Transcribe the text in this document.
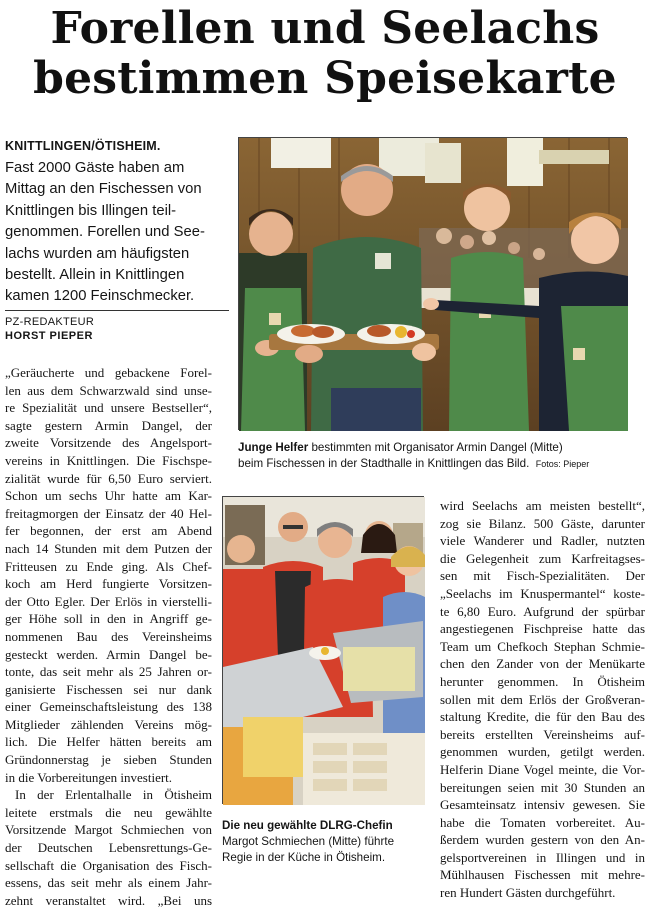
Forellen und Seelachs
bestimmen Speisekarte
KNITTLINGEN/ÖTISHEIM.
Fast 2000 Gäste haben am
Mittag an den Fischessen von
Knittlingen bis Illingen teil-
genommen. Forellen und See-
lachs wurden am häufigsten
bestellt. Allein in Knittlingen
kamen 1200 Feinschmecker.
PZ-REDAKTEUR
HORST PIEPER
Junge Helfer bestimmten mit Organisator Armin Dangel (Mitte)
beim Fischessen in der Stadthalle in Knittlingen das Bild. Fotos: Pieper
„Geräucherte und gebackene Forel-
len aus dem Schwarzwald sind unse-
re Spezialität und unsere Bestseller“,
sagte gestern Armin Dangel, der
zweite Vorsitzende des Angelsport-
vereins in Knittlingen. Die Fischspe-
zialität wurde für 6,50 Euro serviert.
Schon um sechs Uhr hatte am Kar-
freitagmorgen der Einsatz der 40 Hel-
fer begonnen, der erst am Abend
nach 14 Stunden mit dem Putzen der
Fritteusen zu Ende ging. Als Chef-
koch am Herd fungierte Vorsitzen-
der Otto Egler. Der Erlös in vierstelli-
ger Höhe soll in den in Angriff ge-
nommenen Bau des Vereinsheims
gesteckt werden. Armin Dangel be-
tonte, das seit mehr als 25 Jahren or-
ganisierte Fischessen sei nur dank
einer Gemeinschaftsleistung des 138
Mitglieder zählenden Vereins mög-
lich. Die Helfer hätten bereits am
Gründonnerstag je sieben Stunden
in die Vorbereitungen investiert.
In der Erlentalhalle in Ötisheim
leitete erstmals die neu gewählte
Vorsitzende Margot Schmiechen von
der Deutschen Lebensrettungs-Ge-
sellschaft die Organisation des Fisch-
essens, das seit mehr als einem Jahr-
zehnt veranstaltet wird. „Bei uns
Die neu gewählte DLRG-Chefin
Margot Schmiechen (Mitte) führte
Regie in der Küche in Ötisheim.
wird Seelachs am meisten bestellt“,
zog sie Bilanz. 500 Gäste, darunter
viele Wanderer und Radler, nutzten
die Gelegenheit zum Karfreitagses-
sen mit Fisch-Spezialitäten. Der
„Seelachs im Knuspermantel“ koste-
te 6,80 Euro. Aufgrund der spürbar
angestiegenen Fischpreise hatte das
Team um Chefkoch Stephan Schmie-
chen den Zander von der Menükarte
herunter genommen. In Ötisheim
sollen mit dem Erlös der Großveran-
staltung Kredite, die für den Bau des
bereits erstellten Vereinsheims auf-
genommen wurden, getilgt werden.
Helferin Diane Vogel meinte, die Vor-
bereitungen seien mit 30 Stunden an
Gesamteinsatz intensiv gewesen. Sie
habe die Tomaten vorbereitet. Au-
ßerdem wurden gestern von den An-
gelsportvereinen in Illingen und in
Mühlhausen Fischessen mit mehre-
ren Hundert Gästen durchgeführt.
